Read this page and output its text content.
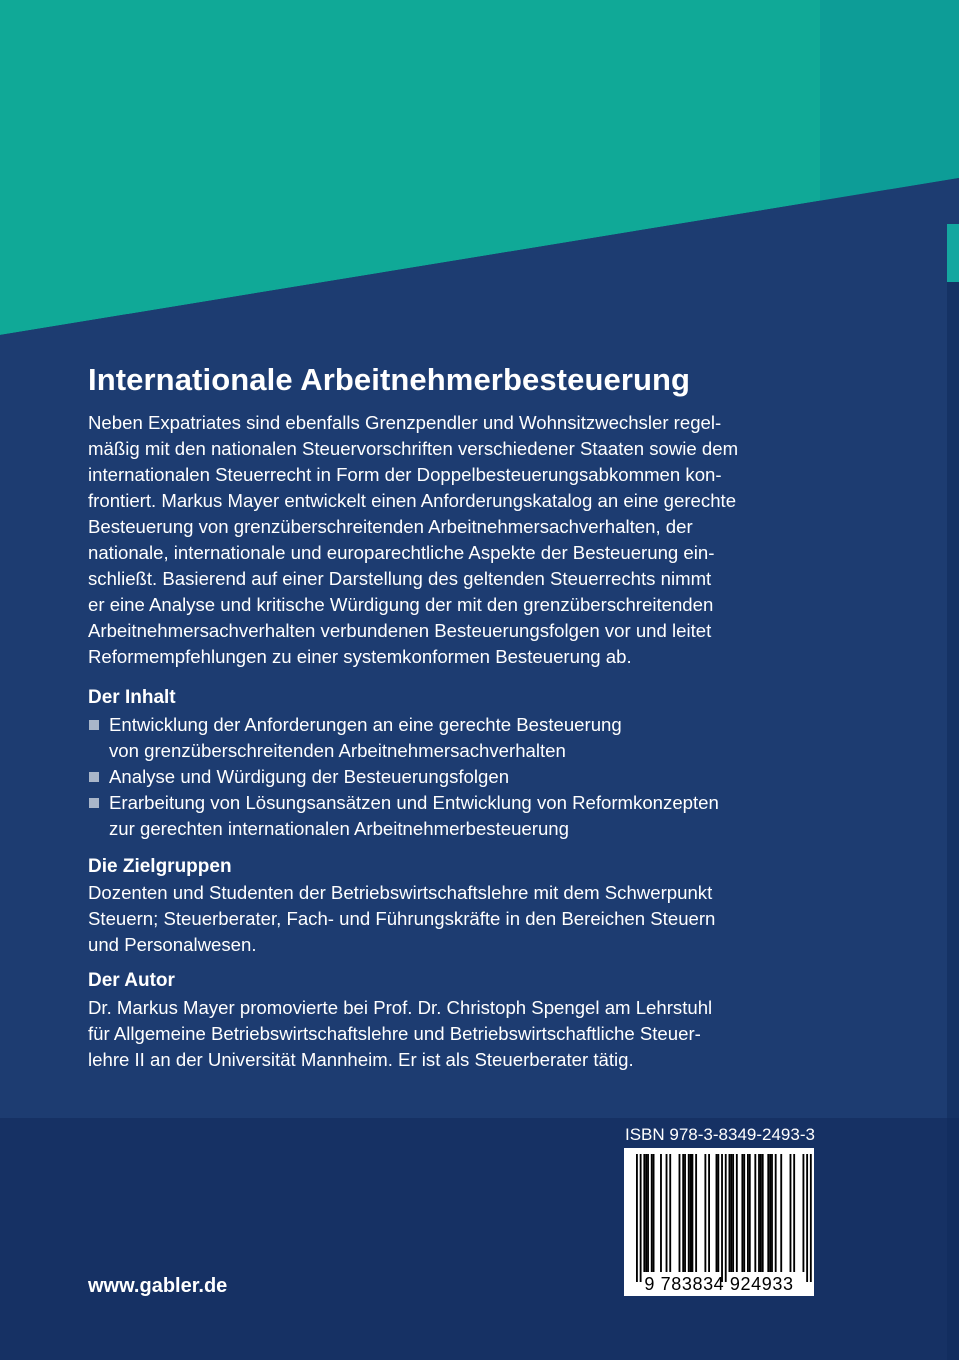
Internationale Arbeitnehmerbesteuerung

Neben Expatriates sind ebenfalls Grenzpendler und Wohnsitzwechsler regel-
mäßig mit den nationalen Steuervorschriften verschiedener Staaten sowie dem
internationalen Steuerrecht in Form der Doppelbesteuerungsabkommen kon-
frontiert. Markus Mayer entwickelt einen Anforderungskatalog an eine gerechte
Besteuerung von grenzüberschreitenden Arbeitnehmersachverhalten, der
nationale, internationale und europarechtliche Aspekte der Besteuerung ein-
schließt. Basierend auf einer Darstellung des geltenden Steuerrechts nimmt
er eine Analyse und kritische Würdigung der mit den grenzüberschreitenden
Arbeitnehmersachverhalten verbundenen Besteuerungsfolgen vor und leitet
Reformempfehlungen zu einer systemkonformen Besteuerung ab.

Der Inhalt
Entwicklung der Anforderungen an eine gerechte Besteuerung
von grenzüberschreitenden Arbeitnehmersachverhalten
Analyse und Würdigung der Besteuerungsfolgen
Erarbeitung von Lösungsansätzen und Entwicklung von Reformkonzepten
zur gerechten internationalen Arbeitnehmerbesteuerung
Die Zielgruppen

Dozenten und Studenten der Betriebswirtschaftslehre mit dem Schwerpunkt
Steuern; Steuerberater, Fach- und Führungskräfte in den Bereichen Steuern
und Personalwesen.

Der Autor

Dr. Markus Mayer promovierte bei Prof. Dr. Christoph Spengel am Lehrstuhl
für Allgemeine Betriebswirtschaftslehre und Betriebswirtschaftliche Steuer-
lehre II an der Universität Mannheim. Er ist als Steuerberater tätig.

ISBN 978-3-8349-2493-3
9 783834 924933
www.gabler.de
